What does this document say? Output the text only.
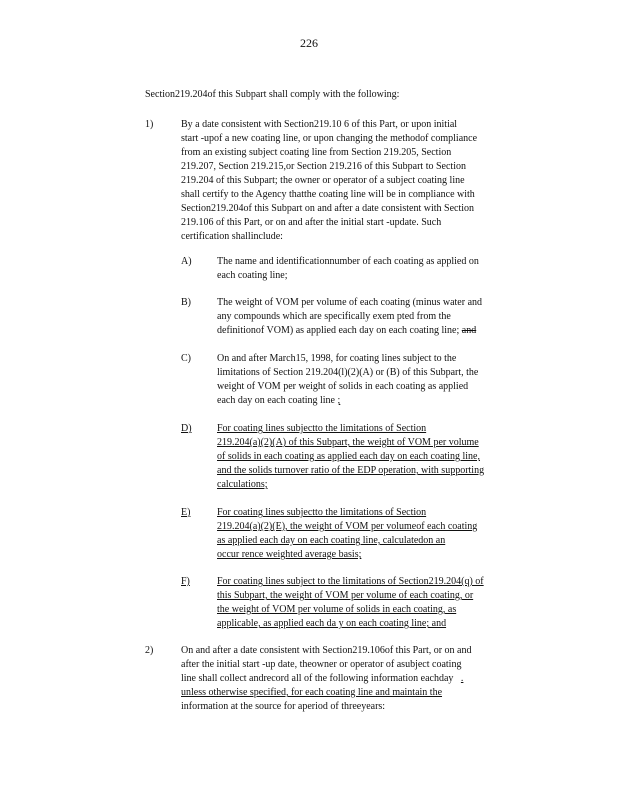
226
Section219.204of this Subpart shall comply with the following:
1)	By a date consistent with Section219.10 6 of this Part, or upon initial
start -upof a new coating line, or upon changing the methodof compliance
from an existing subject coating line from Section 219.205, Section
219.207, Section 219.215,or Section 219.216 of this Subpart to Section
219.204 of this Subpart; the owner or operator of a subject coating line
shall certify to the Agency thatthe coating line will be in compliance with
Section219.204of this Subpart on and after a date consistent with Section
219.106 of this Part, or on and after the initial start -update. Such
certification shallinclude:
A)	The name and identificationnumber of each coating as applied on
each coating line;
B)	The weight of VOM per volume of each coating (minus water and
any compounds which are specifically exem pted from the
definitionof VOM) as applied each day on each coating line; and
C)	On and after March15, 1998, for coating lines subject to the
limitations of Section 219.204(l)(2)(A) or (B) of this Subpart, the
weight of VOM per weight of solids in each coating as applied
each day on each coating line ;
D)	For coating lines subjectto the limitations of Section
219.204(a)(2)(A) of this Subpart, the weight of VOM per volume
of solids in each coating as applied each day on each coating line,
and the solids turnover ratio of the EDP operation, with supporting
calculations;
E)	For coating lines subjectto the limitations of Section
219.204(a)(2)(E), the weight of VOM per volumeof each coating
as applied each day on each coating line, calculatedon an
occur rence weighted average basis;
F)	For coating lines subject to the limitations of Section219.204(q) of
this Subpart, the weight of VOM per volume of each coating, or
the weight of VOM per volume of solids in each coating, as
applicable, as applied each da y on each coating line; and
2)	On and after a date consistent with Section219.106of this Part, or on and
after the initial start -up date, theowner or operator of asubject coating
line shall collect andrecord all of the following information eachday .
unless otherwise specified, for each coating line and maintain the
information at the source for aperiod of threeyears:
